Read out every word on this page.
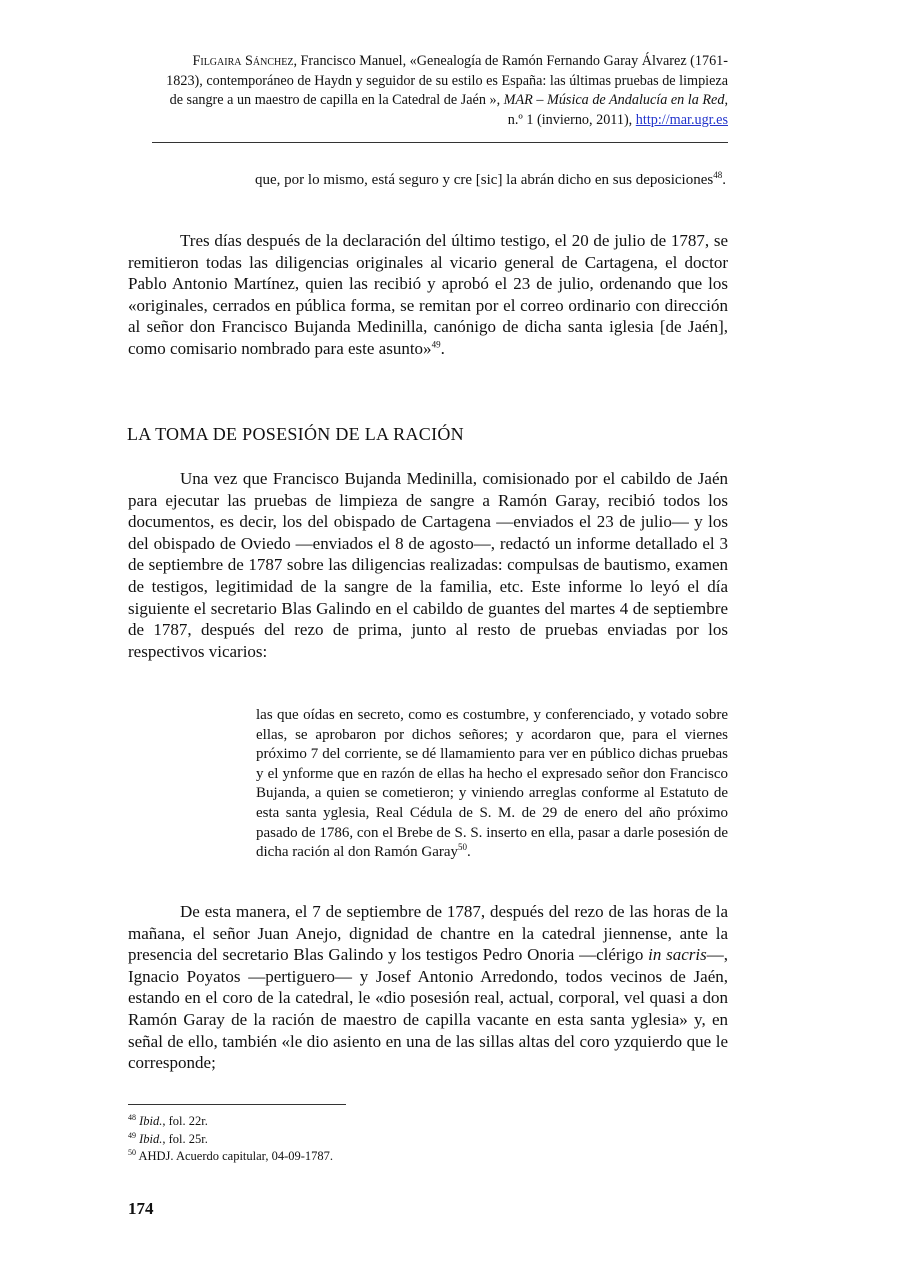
Filgaira Sánchez, Francisco Manuel, «Genealogía de Ramón Fernando Garay Álvarez (1761-
1823), contemporáneo de Haydn y seguidor de su estilo es España: las últimas pruebas de limpieza
de sangre a un maestro de capilla en la Catedral de Jaén », MAR – Música de Andalucía en la Red,
n.º 1 (invierno, 2011), http://mar.ugr.es
que, por lo mismo, está seguro y cre [sic] la abrán dicho en sus deposiciones$^{48}$.
Tres días después de la declaración del último testigo, el 20 de julio de 1787, se remitieron todas las diligencias originales al vicario general de Cartagena, el doctor Pablo Antonio Martínez, quien las recibió y aprobó el 23 de julio, ordenando que los «originales, cerrados en pública forma, se remitan por el correo ordinario con dirección al señor don Francisco Bujanda Medinilla, canónigo de dicha santa iglesia [de Jaén], como comisario nombrado para este asunto»$^{49}$.
LA TOMA DE POSESIÓN DE LA RACIÓN
Una vez que Francisco Bujanda Medinilla, comisionado por el cabildo de Jaén para ejecutar las pruebas de limpieza de sangre a Ramón Garay, recibió todos los documentos, es decir, los del obispado de Cartagena —enviados el 23 de julio— y los del obispado de Oviedo —enviados el 8 de agosto—, redactó un informe detallado el 3 de septiembre de 1787 sobre las diligencias realizadas: compulsas de bautismo, examen de testigos, legitimidad de la sangre de la familia, etc. Este informe lo leyó el día siguiente el secretario Blas Galindo en el cabildo de guantes del martes 4 de septiembre de 1787, después del rezo de prima, junto al resto de pruebas enviadas por los respectivos vicarios:
las que oídas en secreto, como es costumbre, y conferenciado, y votado sobre ellas, se aprobaron por dichos señores; y acordaron que, para el viernes próximo 7 del corriente, se dé llamamiento para ver en público dichas pruebas y el ynforme que en razón de ellas ha hecho el expresado señor don Francisco Bujanda, a quien se cometieron; y viniendo arreglas conforme al Estatuto de esta santa yglesia, Real Cédula de S. M. de 29 de enero del año próximo pasado de 1786, con el Brebe de S. S. inserto en ella, pasar a darle posesión de dicha ración al don Ramón Garay$^{50}$.
De esta manera, el 7 de septiembre de 1787, después del rezo de las horas de la mañana, el señor Juan Anejo, dignidad de chantre en la catedral jiennense, ante la presencia del secretario Blas Galindo y los testigos Pedro Onoria —clérigo in sacris—, Ignacio Poyatos —pertiguero— y Josef Antonio Arredondo, todos vecinos de Jaén, estando en el coro de la catedral, le «dio posesión real, actual, corporal, vel quasi a don Ramón Garay de la ración de maestro de capilla vacante en esta santa yglesia» y, en señal de ello, también «le dio asiento en una de las sillas altas del coro yzquierdo que le corresponde;
$^{48}$ Ibid., fol. 22r.
$^{49}$ Ibid., fol. 25r.
$^{50}$ AHDJ. Acuerdo capitular, 04-09-1787.
174
